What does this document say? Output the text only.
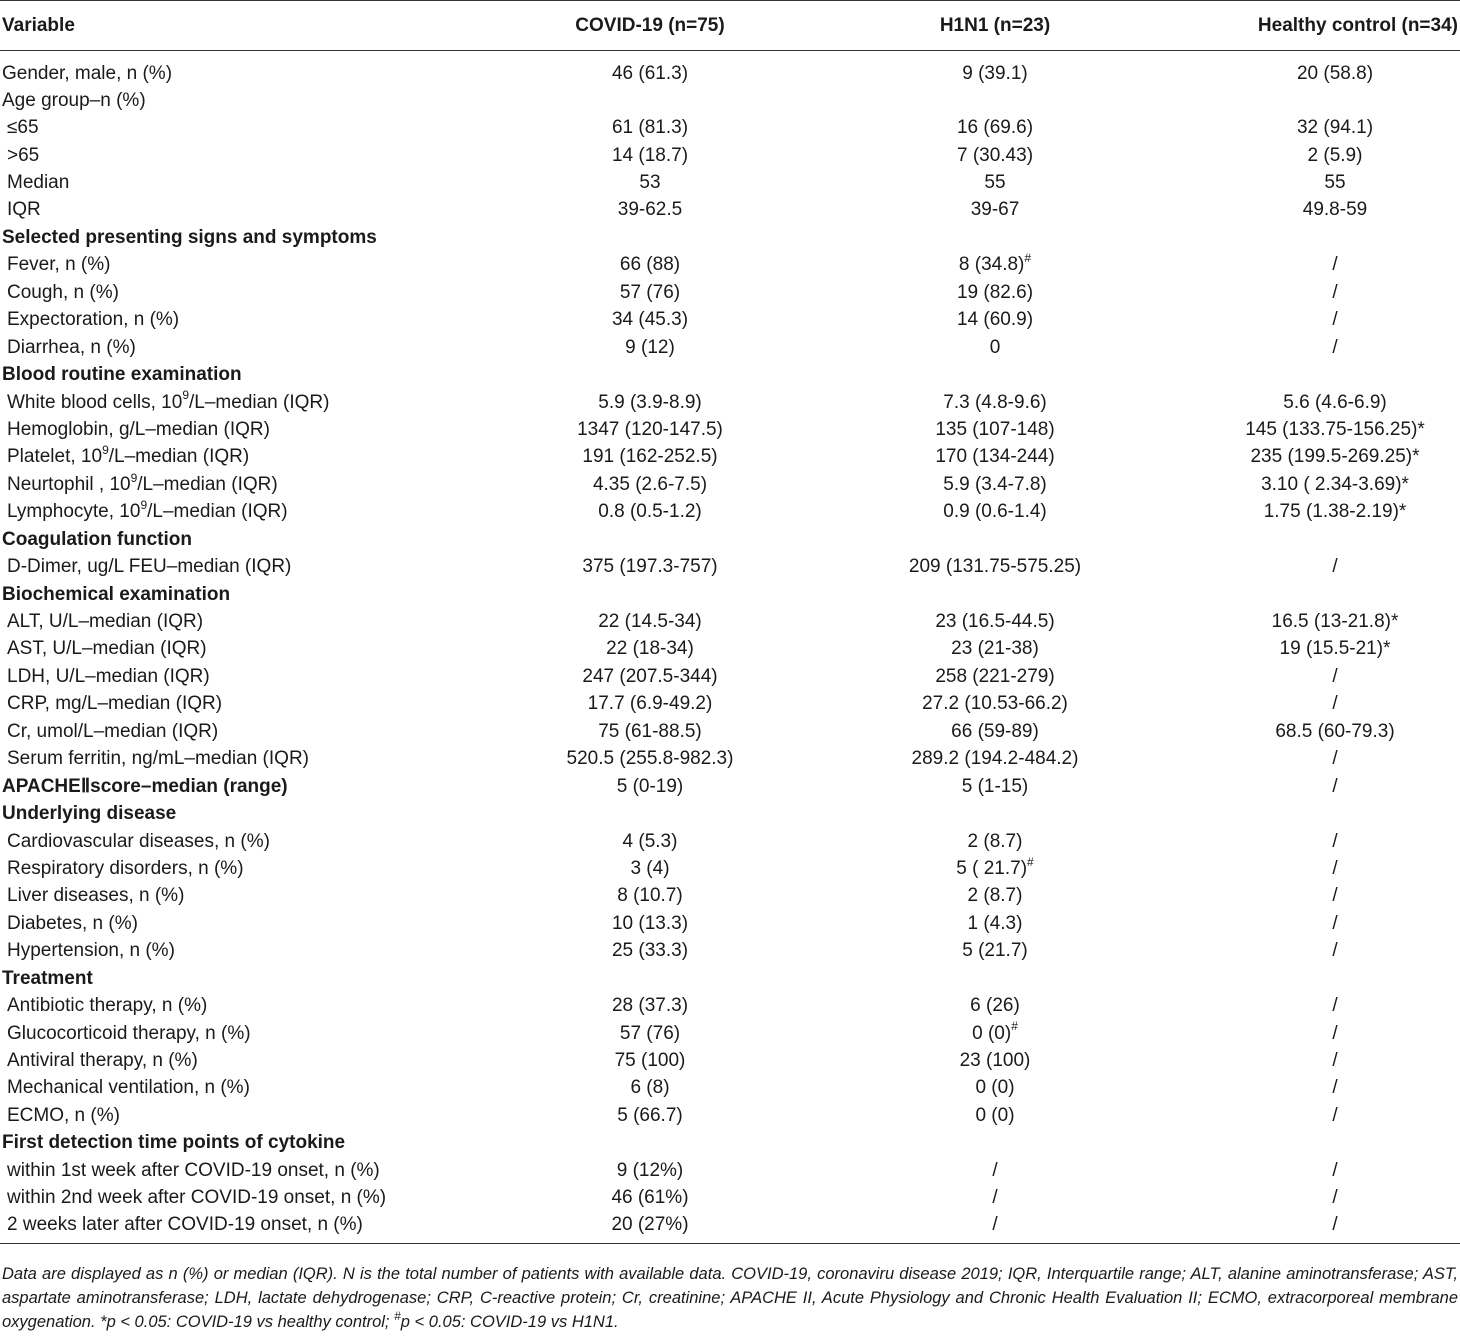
Variable	COVID-19 (n=75)	H1N1 (n=23)	Healthy control (n=34)
Gender, male, n (%)	46 (61.3)	9 (39.1)	20 (58.8)
Age group–n (%)			
≤65	61 (81.3)	16 (69.6)	32 (94.1)
>65	14 (18.7)	7 (30.43)	2 (5.9)
Median	53	55	55
IQR	39-62.5	39-67	49.8-59
Selected presenting signs and symptoms			
Fever, n (%)	66 (88)	8 (34.8)#	/
Cough, n (%)	57 (76)	19 (82.6)	/
Expectoration, n (%)	34 (45.3)	14 (60.9)	/
Diarrhea, n (%)	9 (12)	0	/
Blood routine examination			
White blood cells, $10^9/L$–median (IQR)	5.9 (3.9-8.9)	7.3 (4.8-9.6)	5.6 (4.6-6.9)
Hemoglobin, g/L–median (IQR)	1347 (120-147.5)	135 (107-148)	145 (133.75-156.25)*
Platelet, $10^9/L$–median (IQR)	191 (162-252.5)	170 (134-244)	235 (199.5-269.25)*
Neurtophil , $10^9/L$–median (IQR)	4.35 (2.6-7.5)	5.9 (3.4-7.8)	3.10 ( 2.34-3.69)*
Lymphocyte, $10^9/L$–median (IQR)	0.8 (0.5-1.2)	0.9 (0.6-1.4)	1.75 (1.38-2.19)*
Coagulation function			
D-Dimer, ug/L FEU–median (IQR)	375 (197.3-757)	209 (131.75-575.25)	/
Biochemical examination			
ALT, U/L–median (IQR)	22 (14.5-34)	23 (16.5-44.5)	16.5 (13-21.8)*
AST, U/L–median (IQR)	22 (18-34)	23 (21-38)	19 (15.5-21)*
LDH, U/L–median (IQR)	247 (207.5-344)	258 (221-279)	/
CRP, mg/L–median (IQR)	17.7 (6.9-49.2)	27.2 (10.53-66.2)	/
Cr, umol/L–median (IQR)	75 (61-88.5)	66 (59-89)	68.5 (60-79.3)
Serum ferritin, ng/mL–median (IQR)	520.5 (255.8-982.3)	289.2 (194.2-484.2)	/
APACHEⅡscore–median (range)	5 (0-19)	5 (1-15)	/
Underlying disease			
Cardiovascular diseases, n (%)	4 (5.3)	2 (8.7)	/
Respiratory disorders, n (%)	3 (4)	5 ( 21.7)#	/
Liver diseases, n (%)	8 (10.7)	2 (8.7)	/
Diabetes, n (%)	10 (13.3)	1 (4.3)	/
Hypertension, n (%)	25 (33.3)	5 (21.7)	/
Treatment			
Antibiotic therapy, n (%)	28 (37.3)	6 (26)	/
Glucocorticoid therapy, n (%)	57 (76)	0 (0)#	/
Antiviral therapy, n (%)	75 (100)	23 (100)	/
Mechanical ventilation, n (%)	6 (8)	0 (0)	/
ECMO, n (%)	5 (66.7)	0 (0)	/
First detection time points of cytokine			
within 1st week after COVID-19 onset, n (%)	9 (12%)	/	/
within 2nd week after COVID-19 onset, n (%)	46 (61%)	/	/
2 weeks later after COVID-19 onset, n (%)	20 (27%)	/	/
Data are displayed as n (%) or median (IQR). N is the total number of patients with available data. COVID-19, coronaviru disease 2019; IQR, Interquartile range; ALT, alanine aminotransferase; AST, aspartate aminotransferase; LDH, lactate dehydrogenase; CRP, C-reactive protein; Cr, creatinine; APACHE II, Acute Physiology and Chronic Health Evaluation II; ECMO, extracorporeal membrane oxygenation. *p < 0.05: COVID-19 vs healthy control; #p < 0.05: COVID-19 vs H1N1.
